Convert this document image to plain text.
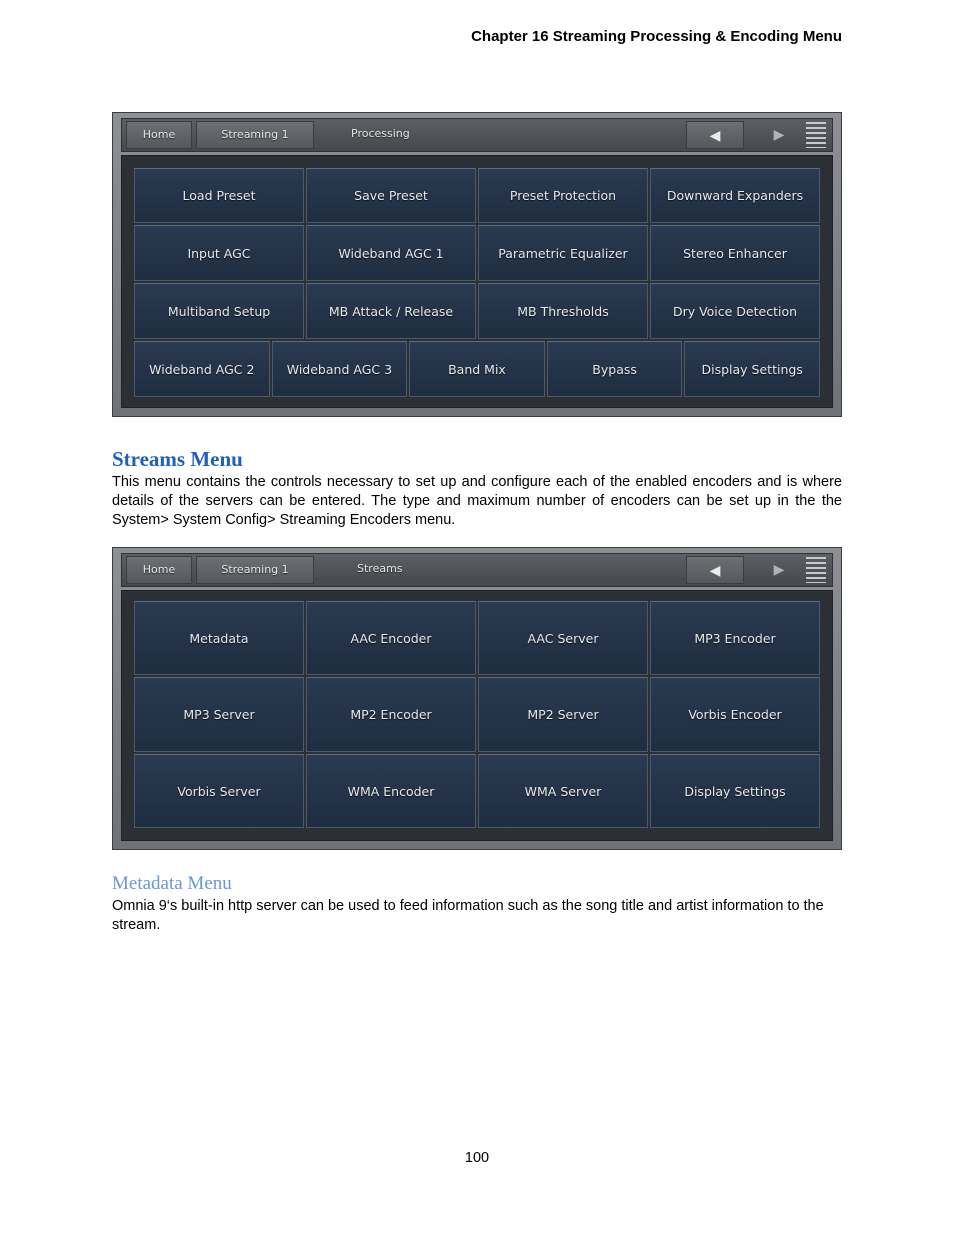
Chapter 16 Streaming Processing & Encoding Menu
Home	Streaming 1	Processing	◀	▶
Load Preset	Save Preset	Preset Protection	Downward Expanders
Input AGC	Wideband AGC 1	Parametric Equalizer	Stereo Enhancer
Multiband Setup	MB Attack / Release	MB Thresholds	Dry Voice Detection
Wideband AGC 2	Wideband AGC 3	Band Mix	Bypass	Display Settings
Streams Menu
This menu contains the controls necessary to set up and configure each of the enabled encoders and is where details of the servers can be entered. The type and maximum number of encoders can be set up in the the System> System Config> Streaming Encoders menu.
Home	Streaming 1	Streams	◀	▶
Metadata	AAC Encoder	AAC Server	MP3 Encoder
MP3 Server	MP2 Encoder	MP2 Server	Vorbis Encoder
Vorbis Server	WMA Encoder	WMA Server	Display Settings
Metadata Menu
Omnia 9‘s built-in http server can be used to feed information such as the song title and artist information to the stream.
100
